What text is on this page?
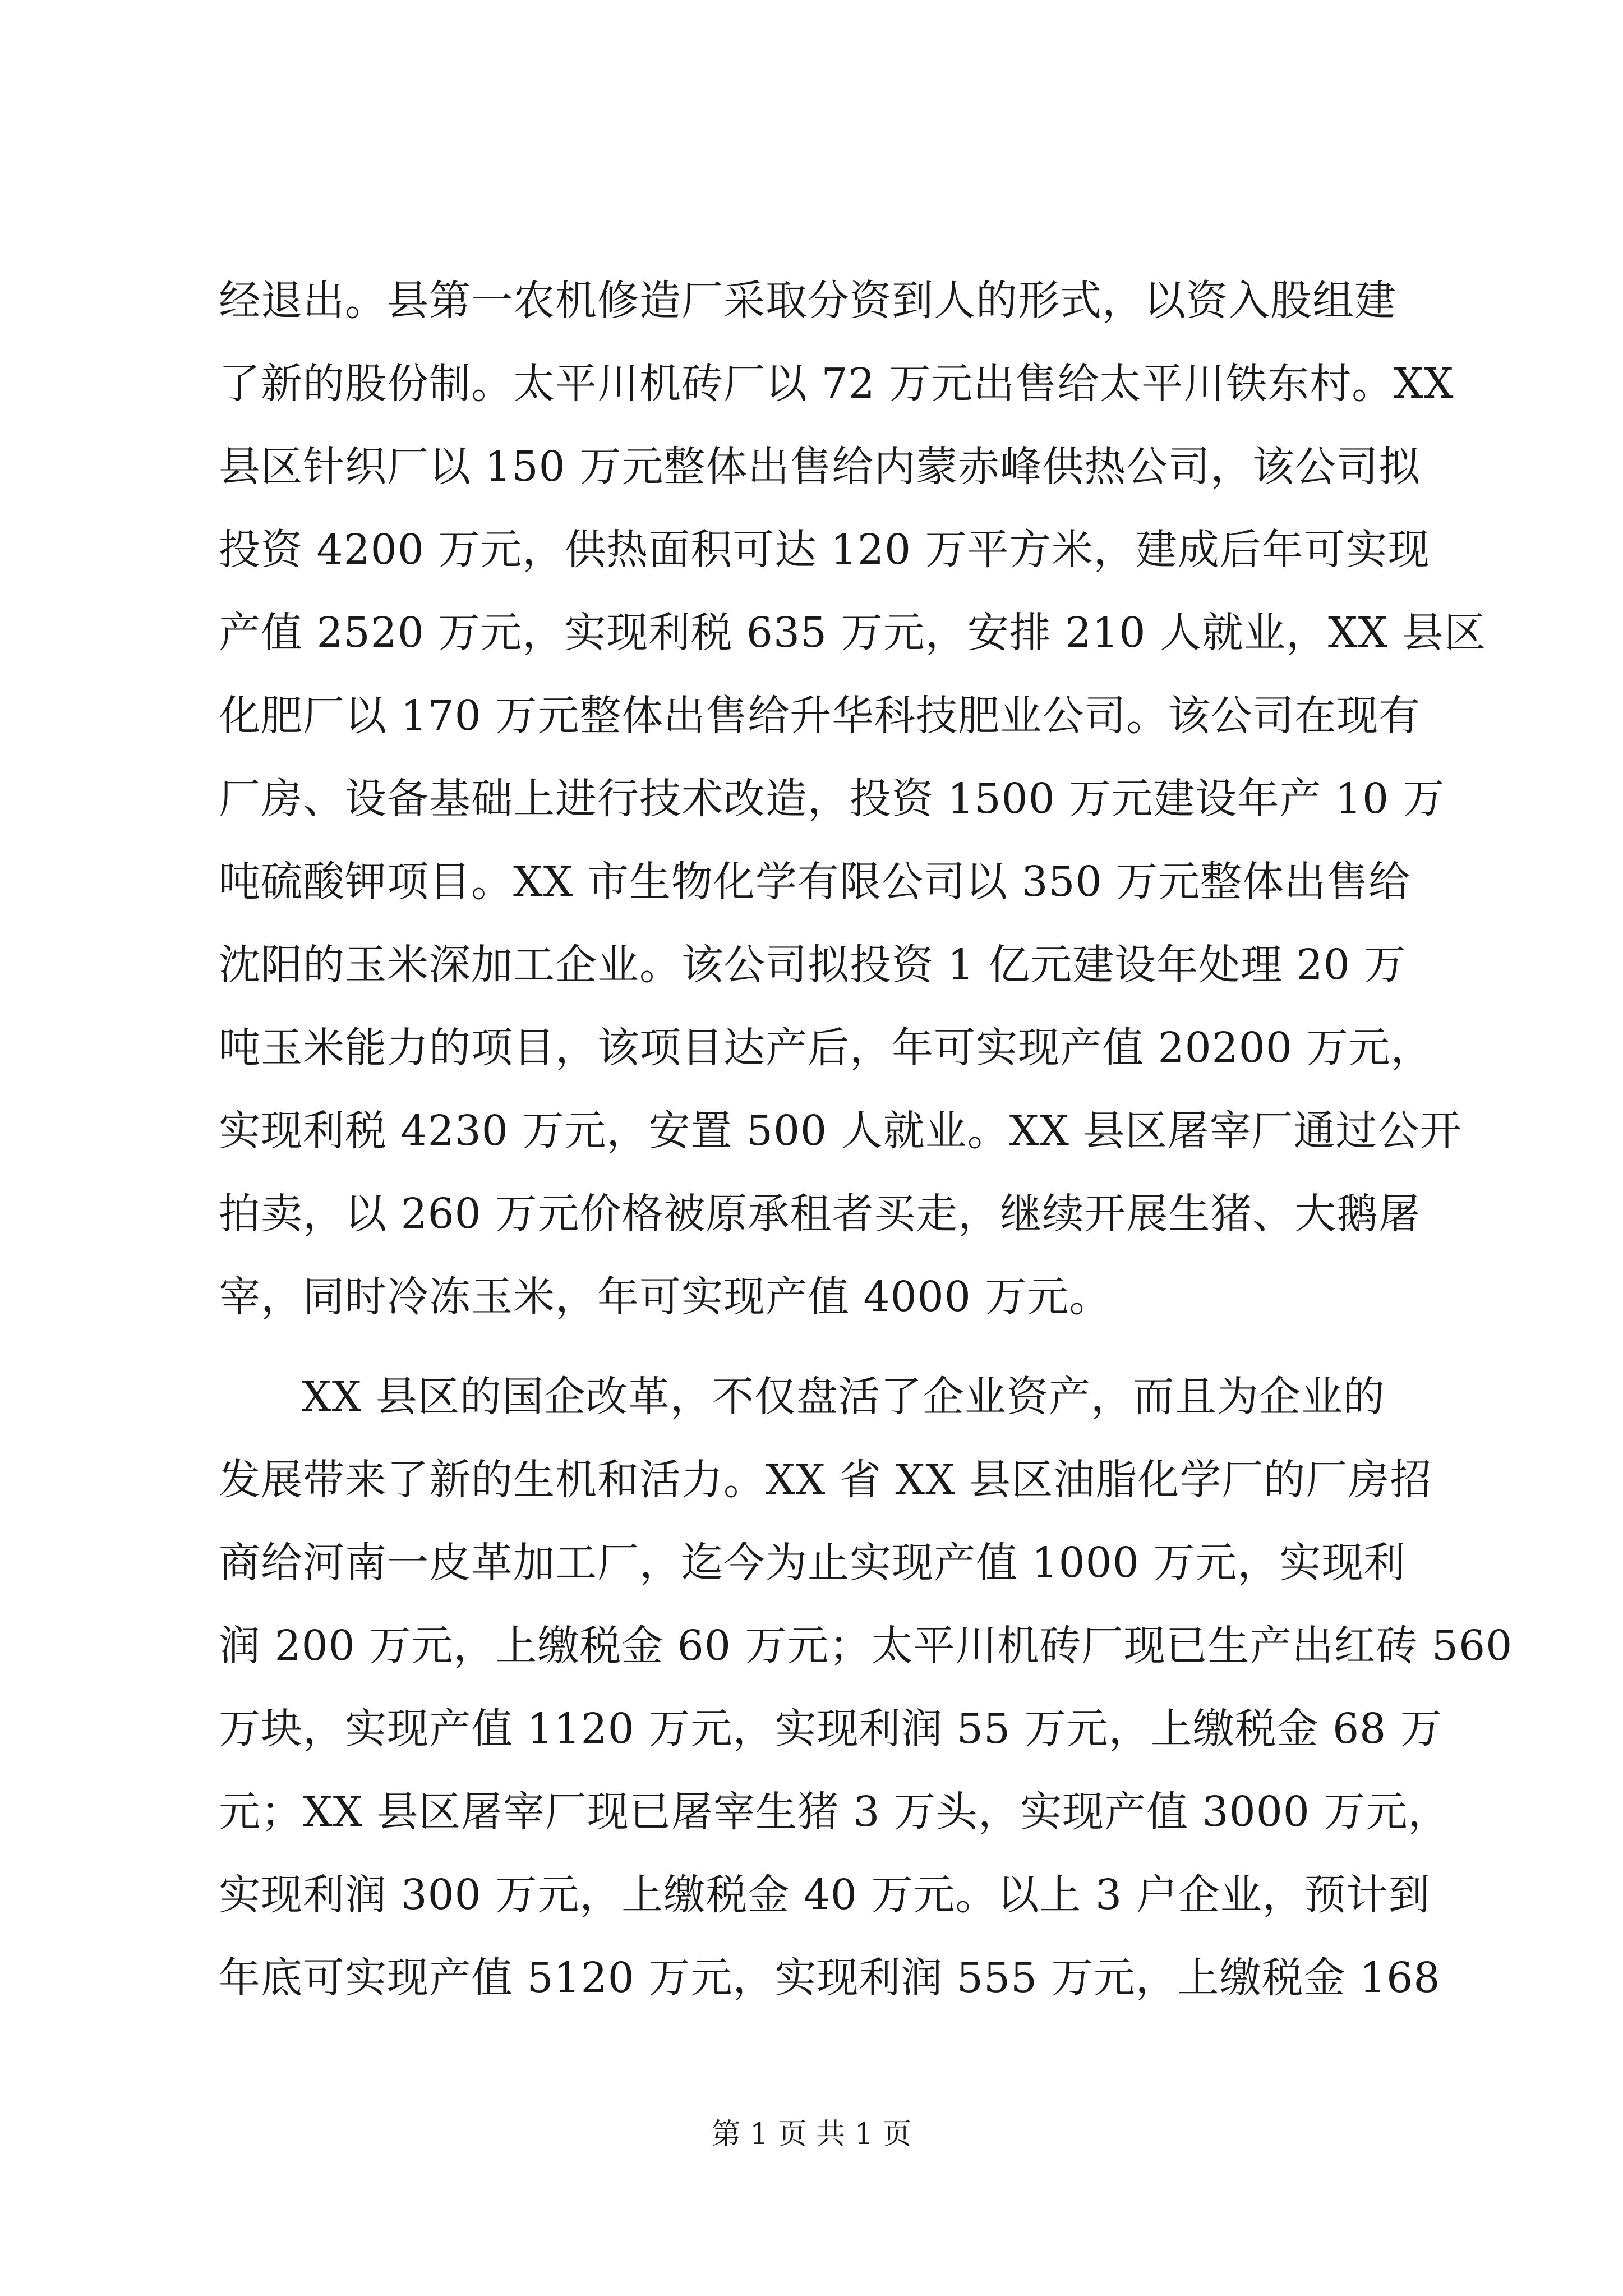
经退出。县第一农机修造厂采取分资到人的形式，以资入股组建
了新的股份制。太平川机砖厂以 72 万元出售给太平川铁东村。XX
县区针织厂以 150 万元整体出售给内蒙赤峰供热公司，该公司拟
投资 4200 万元，供热面积可达 120 万平方米，建成后年可实现
产值 2520 万元，实现利税 635 万元，安排 210 人就业，XX 县区
化肥厂以 170 万元整体出售给升华科技肥业公司。该公司在现有
厂房、设备基础上进行技术改造，投资 1500 万元建设年产 10 万
吨硫酸钾项目。XX 市生物化学有限公司以 350 万元整体出售给
沈阳的玉米深加工企业。该公司拟投资 1 亿元建设年处理 20 万
吨玉米能力的项目，该项目达产后，年可实现产值 20200 万元，
实现利税 4230 万元，安置 500 人就业。XX 县区屠宰厂通过公开
拍卖，以 260 万元价格被原承租者买走，继续开展生猪、大鹅屠
宰，同时冷冻玉米，年可实现产值 4000 万元。
XX 县区的国企改革，不仅盘活了企业资产，而且为企业的
发展带来了新的生机和活力。XX 省 XX 县区油脂化学厂的厂房招
商给河南一皮革加工厂，迄今为止实现产值 1000 万元，实现利
润 200 万元，上缴税金 60 万元；太平川机砖厂现已生产出红砖 560
万块，实现产值 1120 万元，实现利润 55 万元，上缴税金 68 万
元；XX 县区屠宰厂现已屠宰生猪 3 万头，实现产值 3000 万元，
实现利润 300 万元，上缴税金 40 万元。以上 3 户企业，预计到
年底可实现产值 5120 万元，实现利润 555 万元，上缴税金 168
第 1 页 共 1 页
